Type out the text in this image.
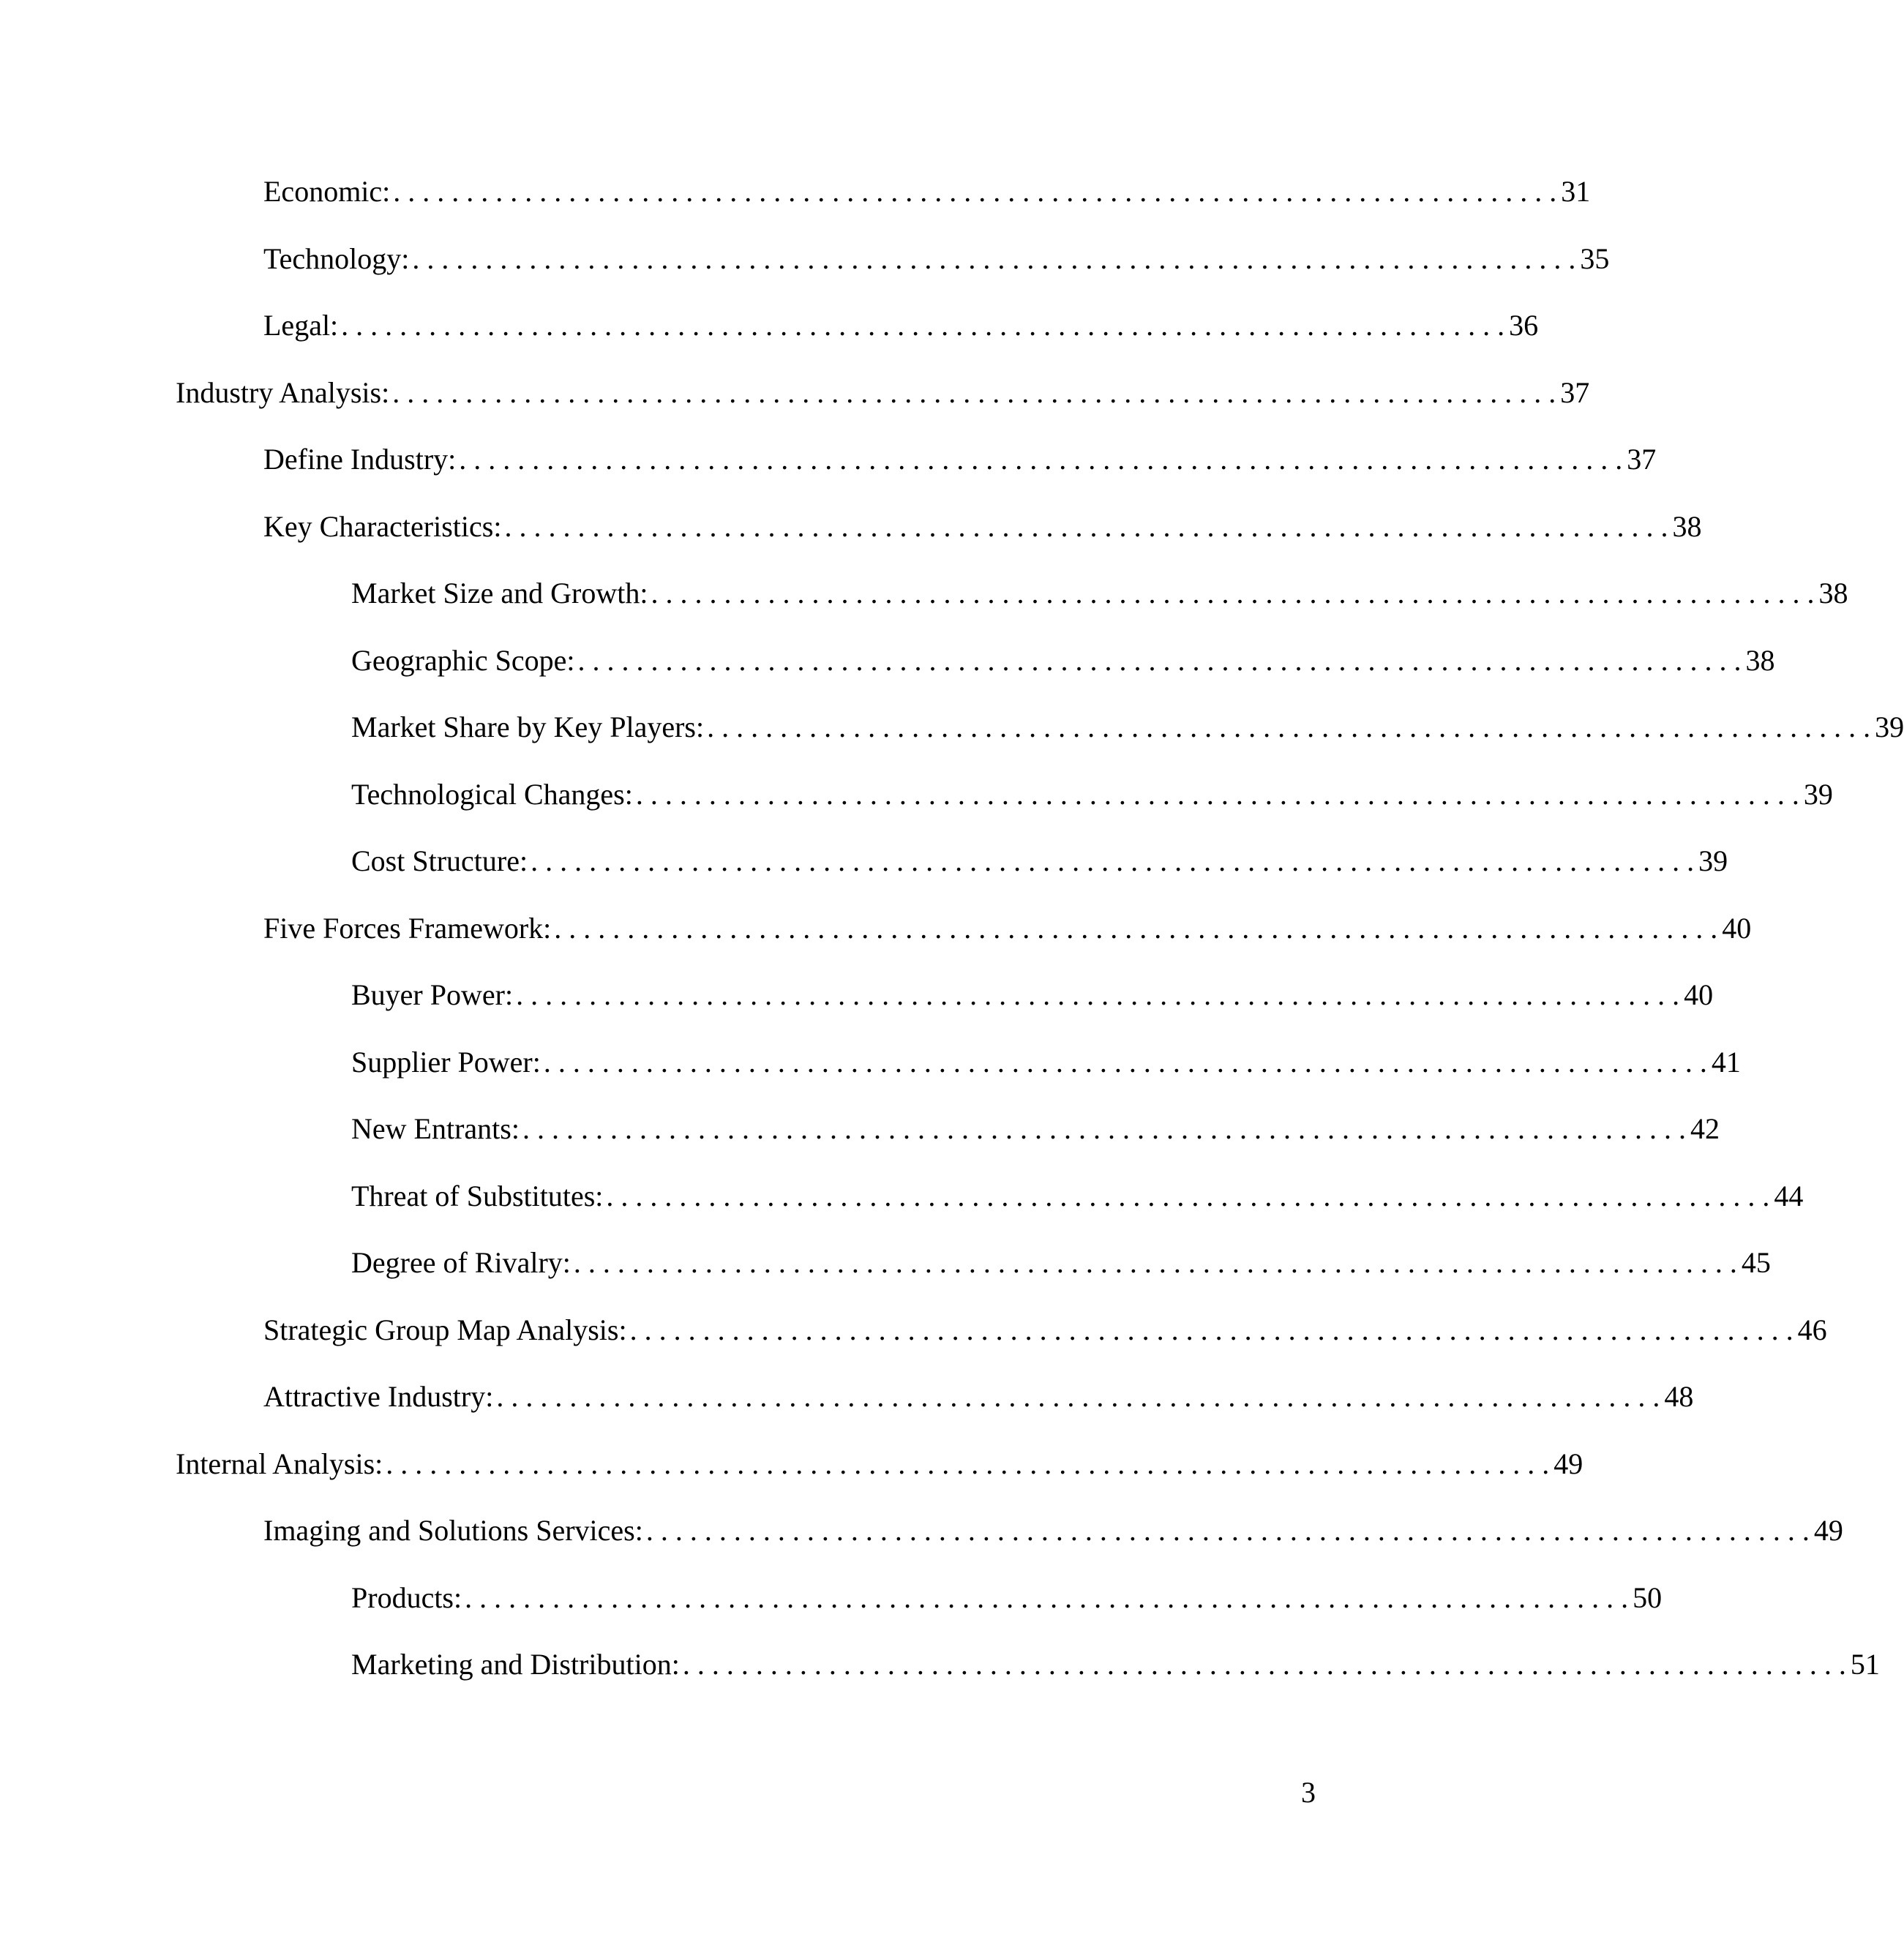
Economic: . . . . . . . . . . . . . . . . . . . . . . . . . . . . . . . . . . . . . . . . . . . . . . . . . . . . . . . . . . . . . . . . . . . . . . . . . . . . . . . . 31
Technology: . . . . . . . . . . . . . . . . . . . . . . . . . . . . . . . . . . . . . . . . . . . . . . . . . . . . . . . . . . . . . . . . . . . . . . . . . . . . . . . . 35
Legal: . . . . . . . . . . . . . . . . . . . . . . . . . . . . . . . . . . . . . . . . . . . . . . . . . . . . . . . . . . . . . . . . . . . . . . . . . . . . . . . . 36
Industry Analysis: . . . . . . . . . . . . . . . . . . . . . . . . . . . . . . . . . . . . . . . . . . . . . . . . . . . . . . . . . . . . . . . . . . . . . . . . . . . . . . . . 37
Define Industry: . . . . . . . . . . . . . . . . . . . . . . . . . . . . . . . . . . . . . . . . . . . . . . . . . . . . . . . . . . . . . . . . . . . . . . . . . . . . . . . . 37
Key Characteristics: . . . . . . . . . . . . . . . . . . . . . . . . . . . . . . . . . . . . . . . . . . . . . . . . . . . . . . . . . . . . . . . . . . . . . . . . . . . . . . . . 38
Market Size and Growth: . . . . . . . . . . . . . . . . . . . . . . . . . . . . . . . . . . . . . . . . . . . . . . . . . . . . . . . . . . . . . . . . . . . . . . . . . . . . . . . . 38
Geographic Scope: . . . . . . . . . . . . . . . . . . . . . . . . . . . . . . . . . . . . . . . . . . . . . . . . . . . . . . . . . . . . . . . . . . . . . . . . . . . . . . . . 38
Market Share by Key Players: . . . . . . . . . . . . . . . . . . . . . . . . . . . . . . . . . . . . . . . . . . . . . . . . . . . . . . . . . . . . . . . . . . . . . . . . . . . . . . . . 39
Technological Changes: . . . . . . . . . . . . . . . . . . . . . . . . . . . . . . . . . . . . . . . . . . . . . . . . . . . . . . . . . . . . . . . . . . . . . . . . . . . . . . . . 39
Cost Structure: . . . . . . . . . . . . . . . . . . . . . . . . . . . . . . . . . . . . . . . . . . . . . . . . . . . . . . . . . . . . . . . . . . . . . . . . . . . . . . . . 39
Five Forces Framework: . . . . . . . . . . . . . . . . . . . . . . . . . . . . . . . . . . . . . . . . . . . . . . . . . . . . . . . . . . . . . . . . . . . . . . . . . . . . . . . . 40
Buyer Power: . . . . . . . . . . . . . . . . . . . . . . . . . . . . . . . . . . . . . . . . . . . . . . . . . . . . . . . . . . . . . . . . . . . . . . . . . . . . . . . . 40
Supplier Power: . . . . . . . . . . . . . . . . . . . . . . . . . . . . . . . . . . . . . . . . . . . . . . . . . . . . . . . . . . . . . . . . . . . . . . . . . . . . . . . . 41
New Entrants: . . . . . . . . . . . . . . . . . . . . . . . . . . . . . . . . . . . . . . . . . . . . . . . . . . . . . . . . . . . . . . . . . . . . . . . . . . . . . . . . 42
Threat of Substitutes: . . . . . . . . . . . . . . . . . . . . . . . . . . . . . . . . . . . . . . . . . . . . . . . . . . . . . . . . . . . . . . . . . . . . . . . . . . . . . . . . 44
Degree of Rivalry: . . . . . . . . . . . . . . . . . . . . . . . . . . . . . . . . . . . . . . . . . . . . . . . . . . . . . . . . . . . . . . . . . . . . . . . . . . . . . . . . 45
Strategic Group Map Analysis: . . . . . . . . . . . . . . . . . . . . . . . . . . . . . . . . . . . . . . . . . . . . . . . . . . . . . . . . . . . . . . . . . . . . . . . . . . . . . . . . 46
Attractive Industry: . . . . . . . . . . . . . . . . . . . . . . . . . . . . . . . . . . . . . . . . . . . . . . . . . . . . . . . . . . . . . . . . . . . . . . . . . . . . . . . . 48
Internal Analysis: . . . . . . . . . . . . . . . . . . . . . . . . . . . . . . . . . . . . . . . . . . . . . . . . . . . . . . . . . . . . . . . . . . . . . . . . . . . . . . . . 49
Imaging and Solutions Services: . . . . . . . . . . . . . . . . . . . . . . . . . . . . . . . . . . . . . . . . . . . . . . . . . . . . . . . . . . . . . . . . . . . . . . . . . . . . . . . . 49
Products: . . . . . . . . . . . . . . . . . . . . . . . . . . . . . . . . . . . . . . . . . . . . . . . . . . . . . . . . . . . . . . . . . . . . . . . . . . . . . . . . 50
Marketing and Distribution: . . . . . . . . . . . . . . . . . . . . . . . . . . . . . . . . . . . . . . . . . . . . . . . . . . . . . . . . . . . . . . . . . . . . . . . . . . . . . . . . 51
3
